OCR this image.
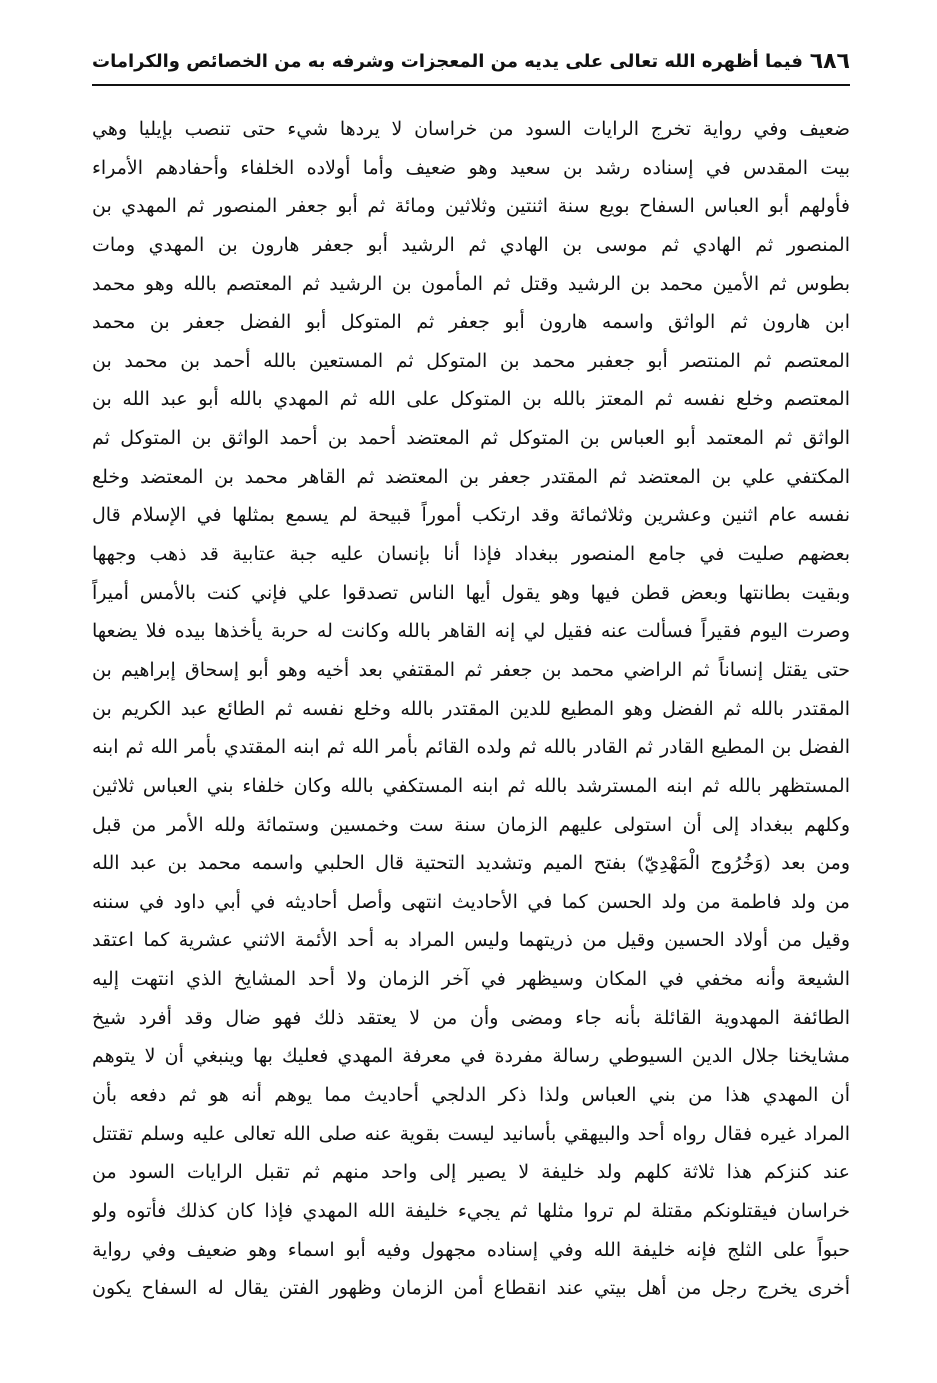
٦٨٦
فيما أظهره الله تعالى على يديه من المعجزات وشرفه به من الخصائص والكرامات
ضعيف وفي رواية تخرج الرايات السود من خراسان لا يردها شيء حتى تنصب بإيليا وهي
بيت المقدس في إسناده رشد بن سعيد وهو ضعيف وأما أولاده الخلفاء وأحفادهم الأمراء
فأولهم أبو العباس السفاح بويع سنة اثنتين وثلاثين ومائة ثم أبو جعفر المنصور ثم المهدي بن
المنصور ثم الهادي ثم موسى بن الهادي ثم الرشيد أبو جعفر هارون بن المهدي ومات
بطوس ثم الأمين محمد بن الرشيد وقتل ثم المأمون بن الرشيد ثم المعتصم بالله وهو محمد
ابن هارون ثم الواثق واسمه هارون أبو جعفر ثم المتوكل أبو الفضل جعفر بن محمد
المعتصم ثم المنتصر أبو جعفبر محمد بن المتوكل ثم المستعين بالله أحمد بن محمد بن
المعتصم وخلع نفسه ثم المعتز بالله بن المتوكل على الله ثم المهدي بالله أبو عبد الله بن
الواثق ثم المعتمد أبو العباس بن المتوكل ثم المعتضد أحمد بن أحمد الواثق بن المتوكل ثم
المكتفي علي بن المعتضد ثم المقتدر جعفر بن المعتضد ثم القاهر محمد بن المعتضد وخلع
نفسه عام اثنين وعشرين وثلاثمائة وقد ارتكب أموراً قبيحة لم يسمع بمثلها في الإسلام قال
بعضهم صليت في جامع المنصور ببغداد فإذا أنا بإنسان عليه جبة عتابية قد ذهب وجهها
وبقيت بطانتها وبعض قطن فيها وهو يقول أيها الناس تصدقوا علي فإني كنت بالأمس أميراً
وصرت اليوم فقيراً فسألت عنه فقيل لي إنه القاهر بالله وكانت له حربة يأخذها بيده فلا يضعها
حتى يقتل إنساناً ثم الراضي محمد بن جعفر ثم المقتفي بعد أخيه وهو أبو إسحاق إبراهيم بن
المقتدر بالله ثم الفضل وهو المطيع للدين المقتدر بالله وخلع نفسه ثم الطائع عبد الكريم بن
الفضل بن المطيع القادر ثم القادر بالله ثم ولده القائم بأمر الله ثم ابنه المقتدي بأمر الله ثم ابنه
المستظهر بالله ثم ابنه المسترشد بالله ثم ابنه المستكفي بالله وكان خلفاء بني العباس ثلاثين
وكلهم ببغداد إلى أن استولى عليهم الزمان سنة ست وخمسين وستمائة ولله الأمر من قبل
ومن بعد (وَخُرُوج الْمَهْدِيّ) بفتح الميم وتشديد التحتية قال الحلبي واسمه محمد بن عبد الله
من ولد فاطمة من ولد الحسن كما في الأحاديث انتهى وأصل أحاديثه في أبي داود في سننه
وقيل من أولاد الحسين وقيل من ذريتهما وليس المراد به أحد الأئمة الاثني عشرية كما اعتقد
الشيعة وأنه مخفي في المكان وسيظهر في آخر الزمان ولا أحد المشايخ الذي انتهت إليه
الطائفة المهدوية القائلة بأنه جاء ومضى وأن من لا يعتقد ذلك فهو ضال وقد أفرد شيخ
مشايخنا جلال الدين السيوطي رسالة مفردة في معرفة المهدي فعليك بها وينبغي أن لا يتوهم
أن المهدي هذا من بني العباس ولذا ذكر الدلجي أحاديث مما يوهم أنه هو ثم دفعه بأن
المراد غيره فقال رواه أحد والبيهقي بأسانيد ليست بقوية عنه صلى الله تعالى عليه وسلم تقتتل
عند كنزكم هذا ثلاثة كلهم ولد خليفة لا يصير إلى واحد منهم ثم تقبل الرايات السود من
خراسان فيقتلونكم مقتلة لم تروا مثلها ثم يجيء خليفة الله المهدي فإذا كان كذلك فأتوه ولو
حبواً على الثلج فإنه خليفة الله وفي إسناده مجهول وفيه أبو اسماء وهو ضعيف وفي رواية
أخرى يخرج رجل من أهل بيتي عند انقطاع أمن الزمان وظهور الفتن يقال له السفاح يكون
